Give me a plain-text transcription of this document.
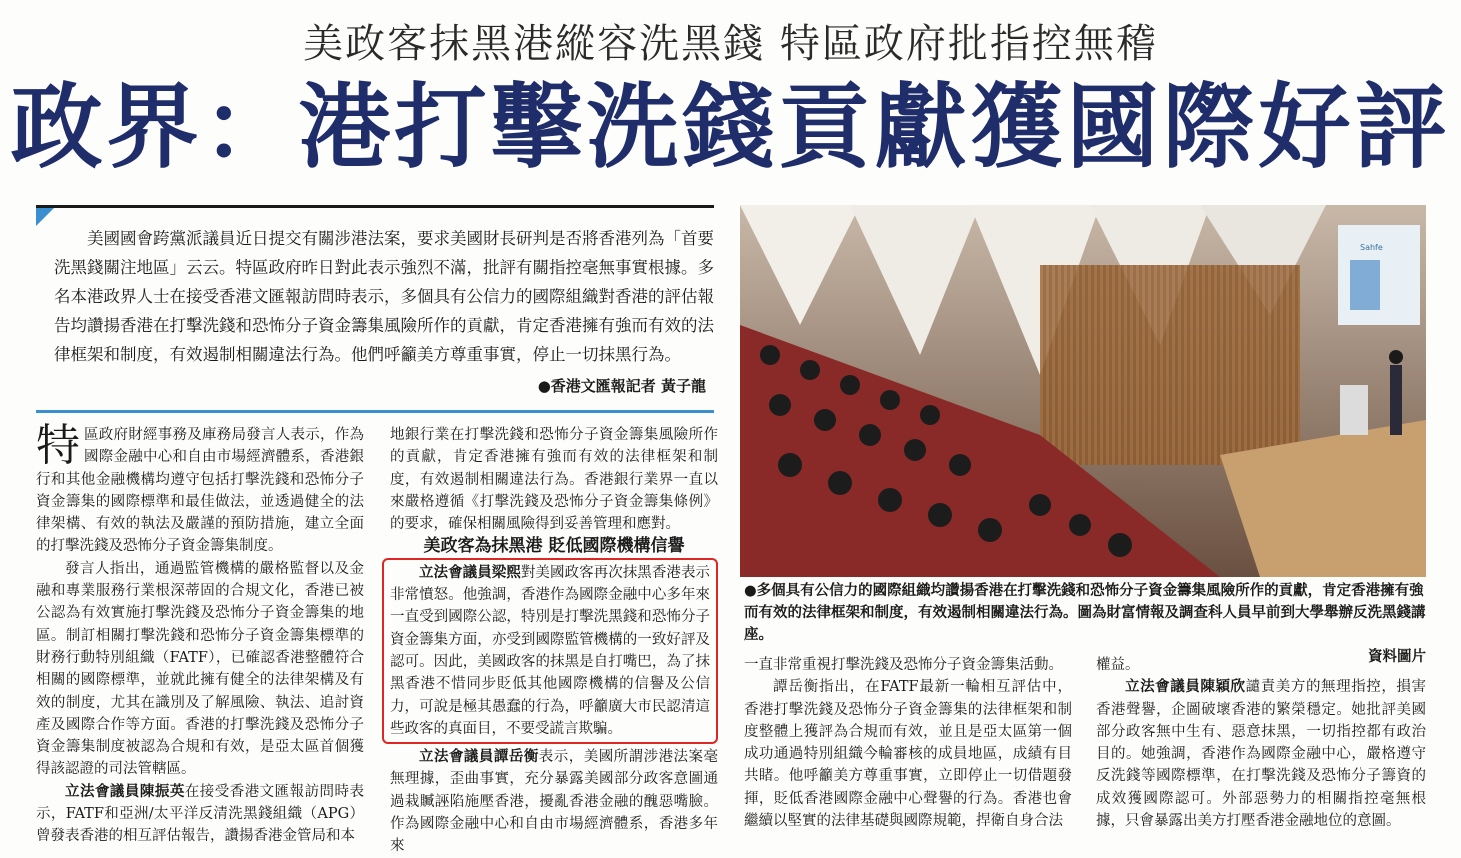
美政客抹黑港縱容洗黑錢 特區政府批指控無稽
政界：港打擊洗錢貢獻獲國際好評
美國國會跨黨派議員近日提交有關涉港法案，要求美國財長研判是否將香港列為「首要洗黑錢關注地區」云云。特區政府昨日對此表示強烈不滿，批評有關指控毫無事實根據。多名本港政界人士在接受香港文匯報訪問時表示，多個具有公信力的國際組織對香港的評估報告均讚揚香港在打擊洗錢和恐怖分子資金籌集風險所作的貢獻，肯定香港擁有強而有效的法律框架和制度，有效遏制相關違法行為。他們呼籲美方尊重事實，停止一切抹黑行為。
●香港文匯報記者 黃子龍

特區政府財經事務及庫務局發言人表示，作為國際金融中心和自由市場經濟體系，香港銀行和其他金融機構均遵守包括打擊洗錢和恐怖分子資金籌集的國際標準和最佳做法，並透過健全的法律架構、有效的執法及嚴謹的預防措施，建立全面的打擊洗錢及恐怖分子資金籌集制度。

發言人指出，通過監管機構的嚴格監督以及金融和專業服務行業根深蒂固的合規文化，香港已被公認為有效實施打擊洗錢及恐怖分子資金籌集的地區。制訂相關打擊洗錢和恐怖分子資金籌集標準的財務行動特別組織（FATF），已確認香港整體符合相關的國際標準，並就此擁有健全的法律架構及有效的制度，尤其在識別及了解風險、執法、追討資產及國際合作等方面。香港的打擊洗錢及恐怖分子資金籌集制度被認為合規和有效，是亞太區首個獲得該認證的司法管轄區。

立法會議員陳振英在接受香港文匯報訪問時表示，FATF和亞洲/太平洋反清洗黑錢組織（APG）曾發表香港的相互評估報告，讚揚香港金管局和本

地銀行業在打擊洗錢和恐怖分子資金籌集風險所作的貢獻，肯定香港擁有強而有效的法律框架和制度，有效遏制相關違法行為。香港銀行業界一直以來嚴格遵循《打擊洗錢及恐怖分子資金籌集條例》的要求，確保相關風險得到妥善管理和應對。

美政客為抹黑港 貶低國際機構信譽

立法會議員梁熙對美國政客再次抹黑香港表示非常憤怒。他強調，香港作為國際金融中心多年來一直受到國際公認，特別是打擊洗黑錢和恐怖分子資金籌集方面，亦受到國際監管機構的一致好評及認可。因此，美國政客的抹黑是自打嘴巴，為了抹黑香港不惜同步貶低其他國際機構的信譽及公信力，可說是極其愚蠢的行為，呼籲廣大市民認清這些政客的真面目，不要受謊言欺騙。

立法會議員譚岳衡表示，美國所謂涉港法案毫無理據，歪曲事實，充分暴露美國部分政客意圖通過栽贓誣陷施壓香港，擾亂香港金融的醜惡嘴臉。作為國際金融中心和自由市場經濟體系，香港多年來

Sahfe
●多個具有公信力的國際組織均讚揚香港在打擊洗錢和恐怖分子資金籌集風險所作的貢獻，肯定香港擁有強而有效的法律框架和制度，有效遏制相關違法行為。圖為財富情報及調查科人員早前到大學舉辦反洗黑錢講座。
資料圖片

一直非常重視打擊洗錢及恐怖分子資金籌集活動。

譚岳衡指出，在FATF最新一輪相互評估中，香港打擊洗錢及恐怖分子資金籌集的法律框架和制度整體上獲評為合規而有效，並且是亞太區第一個成功通過特別組織今輪審核的成員地區，成績有目共睹。他呼籲美方尊重事實，立即停止一切借題發揮，貶低香港國際金融中心聲譽的行為。香港也會繼續以堅實的法律基礎與國際規範，捍衛自身合法

權益。

立法會議員陳穎欣譴責美方的無理指控，損害香港聲譽，企圖破壞香港的繁榮穩定。她批評美國部分政客無中生有、惡意抹黑，一切指控都有政治目的。她強調，香港作為國際金融中心，嚴格遵守反洗錢等國際標準，在打擊洗錢及恐怖分子籌資的成效獲國際認可。外部惡勢力的相關指控毫無根據，只會暴露出美方打壓香港金融地位的意圖。
